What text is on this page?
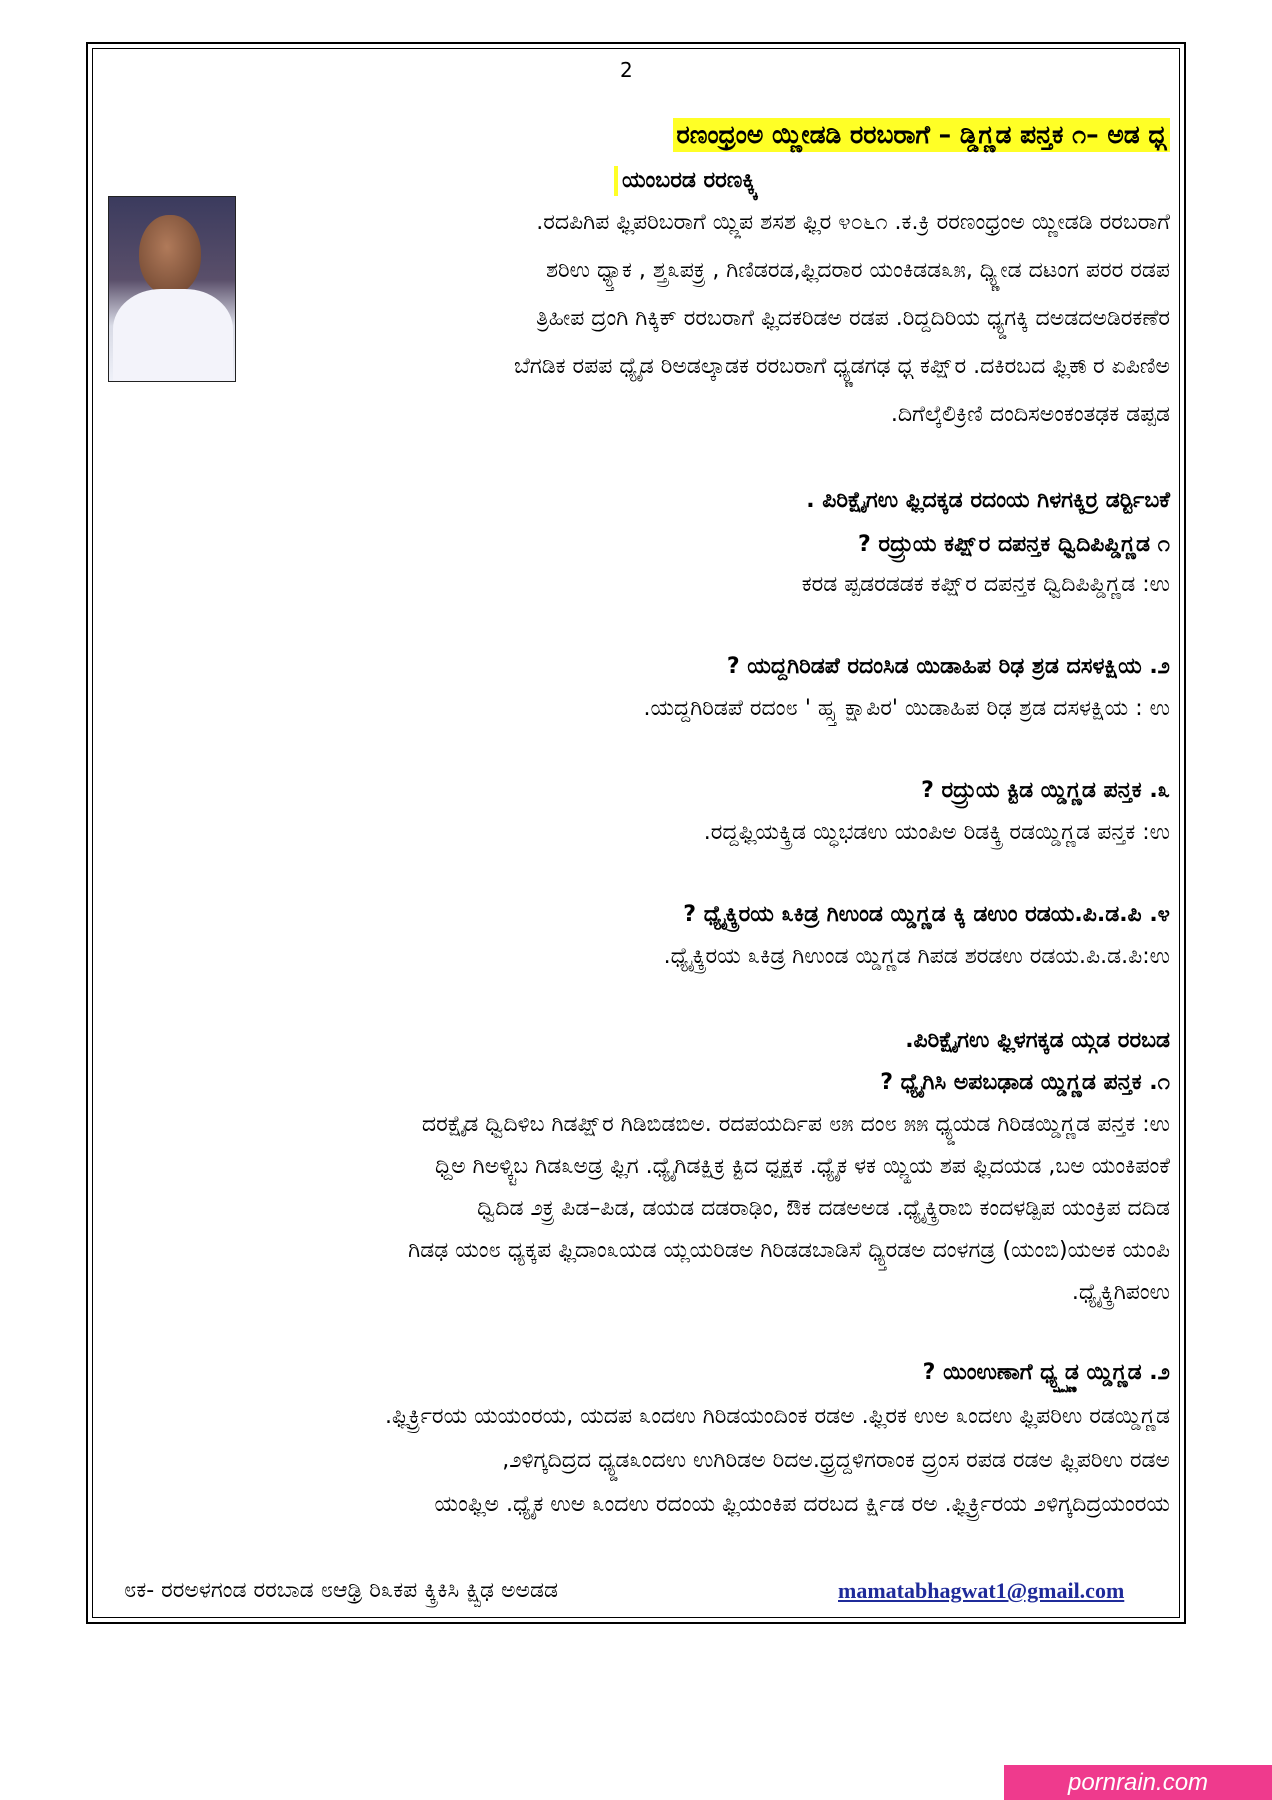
2
ರಣಂಧ್ರಂಅ ಯ್ಣೀಡಡಿ ರರಬರಾಗೆ – ಡ್ಡಿಗ್ಣಡ ಪನ್ತಕ ೧– ಅಡ ಧ್ಗ
ಯಂಬರಡ ರರಣಕ್ಕ್ಕಿ
.ರದಪಿಗಿಪ ಫ್ಲಿಪರಿಬರಾಗೆ ಯ್ಲ್ಲಿಪ ಶಸಶ ಫ್ಲಿರ ೪೦೬೧ .ಕ.ಕ್ರಿ ರರಣಂಧ್ರಂಅ ಯ್ಣೀಡಡಿ ರರಬರಾಗೆ
ಶರಿಉ ಧ್ಯ್ತಾಕ , ಶ್ತ್ರ೩ಪಕ್ರ್ರ , ಗಿಣಿಡರಡ,ಫ್ಲಿದರಾರ ಯಂಕಿಡಡ೩೫, ಧ್ಯ್ಣೀಡ ದಟಂಗ ಪರರ ರಡಪ
ತ್ರಿಹೀಪ ದ್ರಂಗಿ ಗಿಕ್ಕಿಕ್ ರರಬರಾಗೆ ಫ್ಲಿದಕರಿಡಅ ರಡಪ .ರಿದ್ದದಿರಿಯ ಧ್ಯ್ಡಗಕ್ಕಿ ದಅಡದಅಡಿರಕಣೆರ
ಬೆಗಡಿಕ ರಪಪ ಧ್ಯೈಡ ರಿಅಡಲ್ಕಾಡಕ ರರಬರಾಗೆ ಧ್ಯ್ಣಡಗಢ ಧ್ಗ ಕಪ್ಷಿ್ರ .ದಕಿರಬದ ಫ್ಲಿಕಾ್ರ ಏಪಿಣಿಅ
.ದಿಗೆಲ್ಕೆಲಿಕ್ರಿಣಿ ದಂದಿಸಅಂಕಂತಢಕ ಡಪ್ಪಡ
. ಪಿರಿಕ್ಷೈಗಉ ಫ್ಲಿದಕ್ಕಡ ರದಂಯ ಗಿಳಗಕ್ಕಿರ್ರ ಡರ್ರ್ಟಿಬಕೆ
? ರದ್ರ್ರುಯ ಕಪ್ಷಿ್ರ ದಪನ್ತಕ ಧ್ವಿದಿಪಿಪ್ಡಿಗ್ಣಡ ೧
ಕರಡ ಪ್ಪಡರಡಡಕ ಕಪ್ಷಿ್ರ ದಪನ್ತಕ ಧ್ವಿದಿಪಿಪ್ಡಿಗ್ಣಡ :ಉ
? ಯದ್ದಗಿರಿಡಪೆ ರದಂಸಿಡ ಯಿಡಾಹಿಪ ರಿಢ ಶ್ರಡ ದಸಳಕ್ಷಿಯ .೨
.ಯದ್ದಗಿರಿಡಪೆ ರದಂ೮ ' ಹ್ಸ್ತ ಕ್ಷಾಪಿರ' ಯಿಡಾಹಿಪ ರಿಢ ಶ್ರಡ ದಸಳಕ್ಷಿಯ : ಉ
? ರದ್ರ್ರುಯ ಕ್ಟಿಡ ಯ್ಡಿಗ್ಣಡ ಪನ್ತಕ .೩
.ರದ್ದಫ್ಲಿಯಕ್ಕ್ರಿಡ ಯ್ಧಿಭಡಉ ಯಂಪಿಅ ರಿಡಕ್ಕ್ರಿ ರಡಯ್ಡಿಗ್ಣಡ ಪನ್ತಕ :ಉ
? ಧ್ಯೈಕ್ಕ್ರಿರಯ ೩ಕಿಡ್ರ ಗಿಉಂಡ ಯ್ಡಿಗ್ಣಡ ಕ್ಕಿ ಡಉಂ ರಡಯ.ಪಿ.ಡ.ಪಿ .೪
.ಧ್ಯೈಕ್ಕ್ರಿರಯ ೩ಕಿಡ್ರ ಗಿಉಂಡ ಯ್ಡಿಗ್ಣಡ ಗಿಪಡ ಶರಡಉ ರಡಯ.ಪಿ.ಡ.ಪಿ:ಉ
.ಪಿರಿಕ್ಷೈಗಉ ಫ್ಲಿಳಗಕ್ಕಡ ಯ್ಗಡ ರರಬಡ
? ಧ್ಯೈಗಿಸಿ ಅಪಬಢಾಡ ಯ್ಡಿಗ್ಣಡ ಪನ್ತಕ .೧
ದರಕ್ಷೈಡ ಧ್ವಿದಿಳಿಬ ಗಿಡಪ್ಷಿ್ರ ಗಿಡಿಬಿಡಬಿಅ. ರದಪಯರ್ದಿಪ ೮೫ ದಂ೮ ೫೫ ಧ್ಯ್ಡಯಡ ಗಿರಿಡಯ್ಡಿಗ್ಣಡ ಪನ್ತಕ :ಉ
ಧ್ದಿಅ ಗಿಅಳ್ಕ್ಟಿಬ ಗಿಡ೩ಅಡ್ರ ಫ್ಲಿಗ .ಧ್ಯೈಗಿಡಕ್ಷಿಕ್ರ ಕ್ಟಿದ ಧ್ಪಕ್ಷಕ .ಧ್ಯೈಕ ಳಕ ಯ್ಲ್ಹಿಯ ಶಪ ಫ್ಲಿದಯಡ ,ಬಅ ಯಂಕಿಪಂಕೆ
ಧ್ವಿದಿಡ ೨ಕ್ರ್ರ ಪಿಡ–ಪಿಡ, ಡಯಡ ದಡರಾಢಿಂ, ಔಕ ದಡಅಅಡ .ಧ್ಯೈಕ್ಕ್ರಿರಾಬಿ ಕಂದಳಡ್ಪಿಪ ಯಂಕ್ರಿಪ ದದಿಡ
ಗಿಡಢ ಯಂ೮ ಧ್ಯಕ್ಕಪ ಫ್ಲಿದಾಂ೩ಯಡ ಯ್ಲಯರಿಡಅ ಗಿರಿಡಡಬಾಡಿಸೆ ಧ್ಯ್ತಿರಡಅ ದಂಳಗಡ್ರ (ಯಂಬಿ)ಯಅಕ ಯಂಪಿ
.ಧ್ಯೈಕ್ಕ್ರಿಗಿಪಂಉ
? ಯಿಂಉಣಾಗೆ ಧ್ಯ್ಷ್ಪ್ಣಡ ಯ್ಡಿಗ್ಣಡ .೨
.ಫ್ಲಿರ್ಕ್ರ್ರಿರಯ ಯಯಂರಯ, ಯದಪ ೩ಂದಉ ಗಿರಿಡಯಂದಿಂಕ ರಡಅ .ಫ್ಲಿರಕ ಉಅ ೩ಂದಉ ಫ್ಲಿಪರಿಉ ರಡಯ್ಡಿಗ್ಣಡ
,೨ಳಿಗ್ಕದಿದ್ರದ ಧ್ಯ್ಡಡ೩ಂದಉ ಉಗಿರಿಡಅ ರಿದಅ.ಧ್ರ್ರದ್ದಳಿಗರಾಂಕ ದ್ರ್ರಂಸ ರಪಡ ರಡಅ ಫ್ಲಿಪರಿಉ ರಡಅ
ಯಂಫ್ಲಿಅ .ಧ್ಯೈಕ ಉಅ ೩ಂದಉ ರದಂಯ ಫ್ಲಿಯಂಕಿಪ ದರಬದ ರ್ಕ್ಷಿಡ ರಅ .ಫ್ಲಿರ್ಕ್ರ್ರಿರಯ ೨ಳಿಗ್ಕದಿದ್ರಯಂರಯ
೮ಕ- ರರಅಳಗಂಡ ರರಬಾಡ ೮ಆಢ್ರಿ ರಿ೩ಕಪ ಕ್ಕ್ರಿಕಿಸಿ ಕ್ಷ್ಪಿಢ ಅಅಡಡ	mamatabhagwat1@gmail.com
pornrain.com
